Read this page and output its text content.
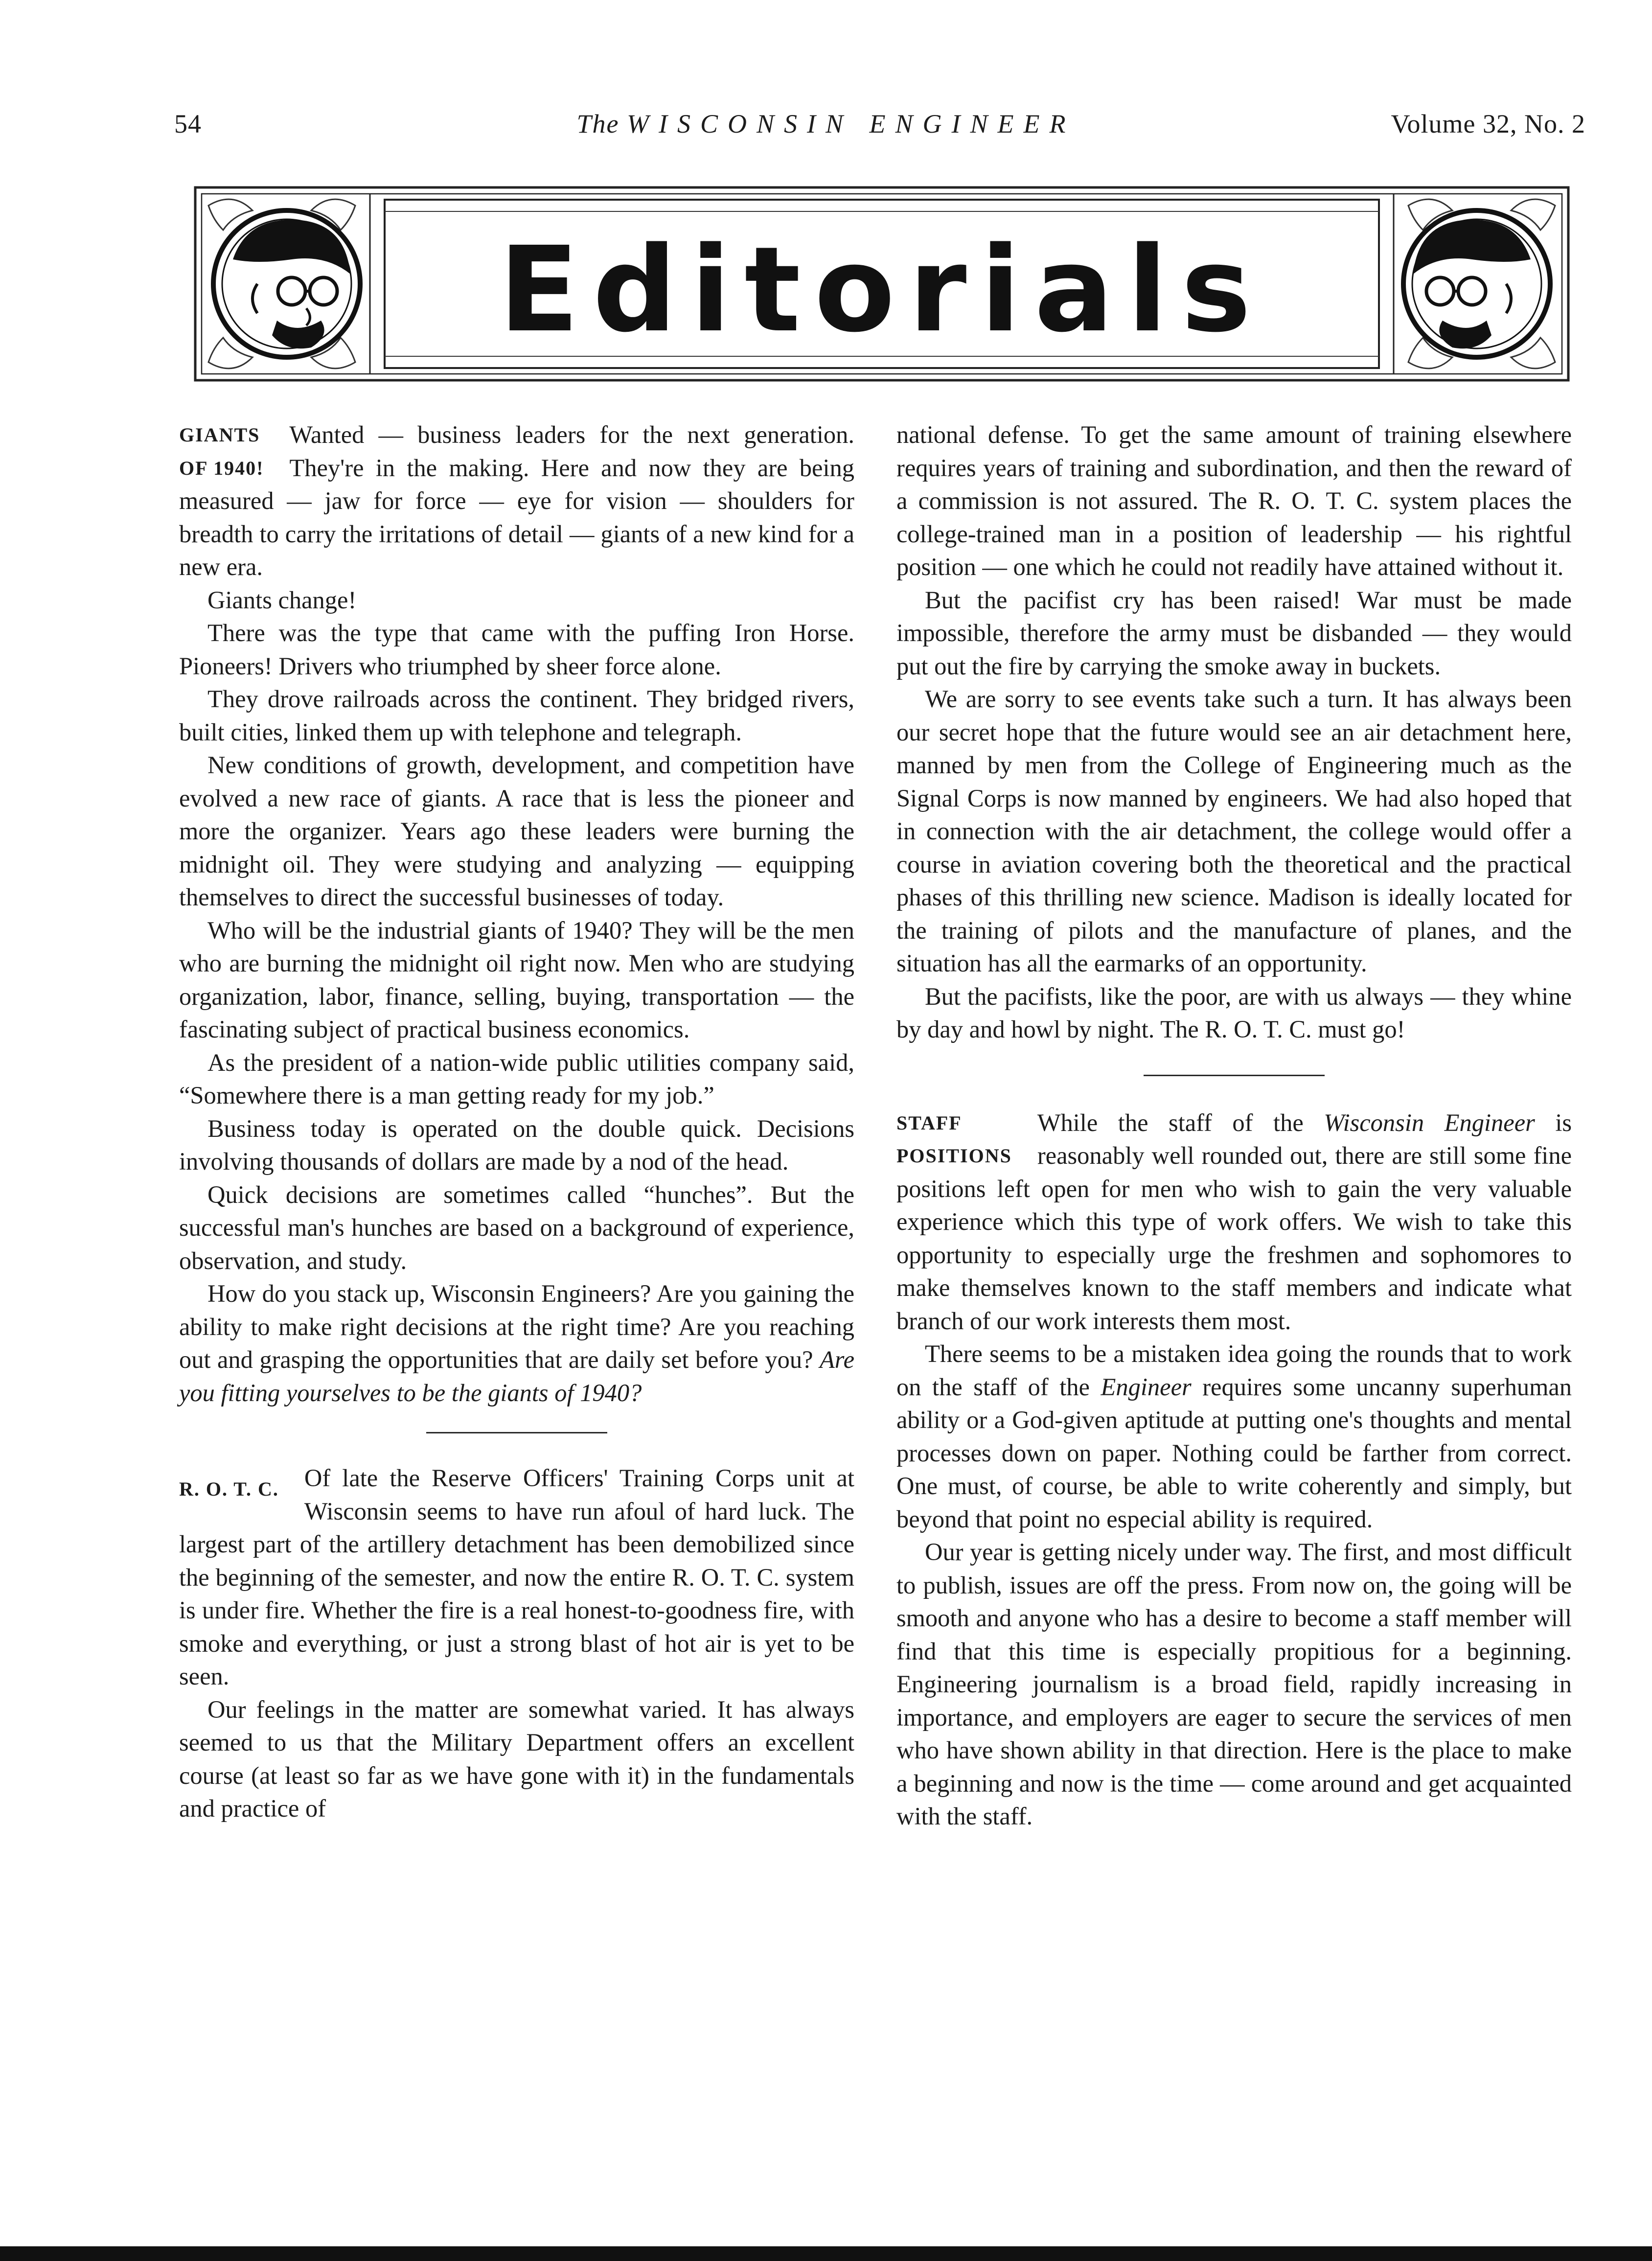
54	The WISCONSIN ENGINEER	Volume 32, No. 2
Editorials
GIANTS
OF 1940!

Wanted — business leaders for the next generation. They're in the making. Here and now they are being measured — jaw for force — eye for vision — shoulders for breadth to carry the irritations of detail — giants of a new kind for a new era.

Giants change!

There was the type that came with the puffing Iron Horse. Pioneers! Drivers who triumphed by sheer force alone.

They drove railroads across the continent. They bridged rivers, built cities, linked them up with telephone and telegraph.

New conditions of growth, development, and competition have evolved a new race of giants. A race that is less the pioneer and more the organizer. Years ago these leaders were burning the midnight oil. They were studying and analyzing — equipping themselves to direct the successful businesses of today.

Who will be the industrial giants of 1940? They will be the men who are burning the midnight oil right now. Men who are studying organization, labor, finance, selling, buying, transportation — the fascinating subject of practical business economics.

As the president of a nation-wide public utilities company said, “Somewhere there is a man getting ready for my job.”

Business today is operated on the double quick. Decisions involving thousands of dollars are made by a nod of the head.

Quick decisions are sometimes called “hunches”. But the successful man's hunches are based on a background of experience, observation, and study.

How do you stack up, Wisconsin Engineers? Are you gaining the ability to make right decisions at the right time? Are you reaching out and grasping the opportunities that are daily set before you? Are you fitting yourselves to be the giants of 1940?

R. O. T. C.	Of late the Reserve Officers' Training Corps unit at Wisconsin seems to have run afoul of hard luck. The largest part of the artillery detachment has been demobilized since the beginning of the semester, and now the entire R. O. T. C. system is under fire. Whether the fire is a real honest-to-goodness fire, with smoke and everything, or just a strong blast of hot air is yet to be seen.

Our feelings in the matter are somewhat varied. It has always seemed to us that the Military Department offers an excellent course (at least so far as we have gone with it) in the fundamentals and practice of

national defense. To get the same amount of training elsewhere requires years of training and subordination, and then the reward of a commission is not assured. The R. O. T. C. system places the college-trained man in a position of leadership — his rightful position — one which he could not readily have attained without it.

But the pacifist cry has been raised! War must be made impossible, therefore the army must be disbanded — they would put out the fire by carrying the smoke away in buckets.

We are sorry to see events take such a turn. It has always been our secret hope that the future would see an air detachment here, manned by men from the College of Engineering much as the Signal Corps is now manned by engineers. We had also hoped that in connection with the air detachment, the college would offer a course in aviation covering both the theoretical and the practical phases of this thrilling new science. Madison is ideally located for the training of pilots and the manufacture of planes, and the situation has all the earmarks of an opportunity.

But the pacifists, like the poor, are with us always — they whine by day and howl by night. The R. O. T. C. must go!

STAFF
POSITIONS

While the staff of the Wisconsin Engineer is reasonably well rounded out, there are still some fine positions left open for men who wish to gain the very valuable experience which this type of work offers. We wish to take this opportunity to especially urge the freshmen and sophomores to make themselves known to the staff members and indicate what branch of our work interests them most.

There seems to be a mistaken idea going the rounds that to work on the staff of the Engineer requires some uncanny superhuman ability or a God-given aptitude at putting one's thoughts and mental processes down on paper. Nothing could be farther from correct. One must, of course, be able to write coherently and simply, but beyond that point no especial ability is required.

Our year is getting nicely under way. The first, and most difficult to publish, issues are off the press. From now on, the going will be smooth and anyone who has a desire to become a staff member will find that this time is especially propitious for a beginning. Engineering journalism is a broad field, rapidly increasing in importance, and employers are eager to secure the services of men who have shown ability in that direction. Here is the place to make a beginning and now is the time — come around and get acquainted with the staff.
